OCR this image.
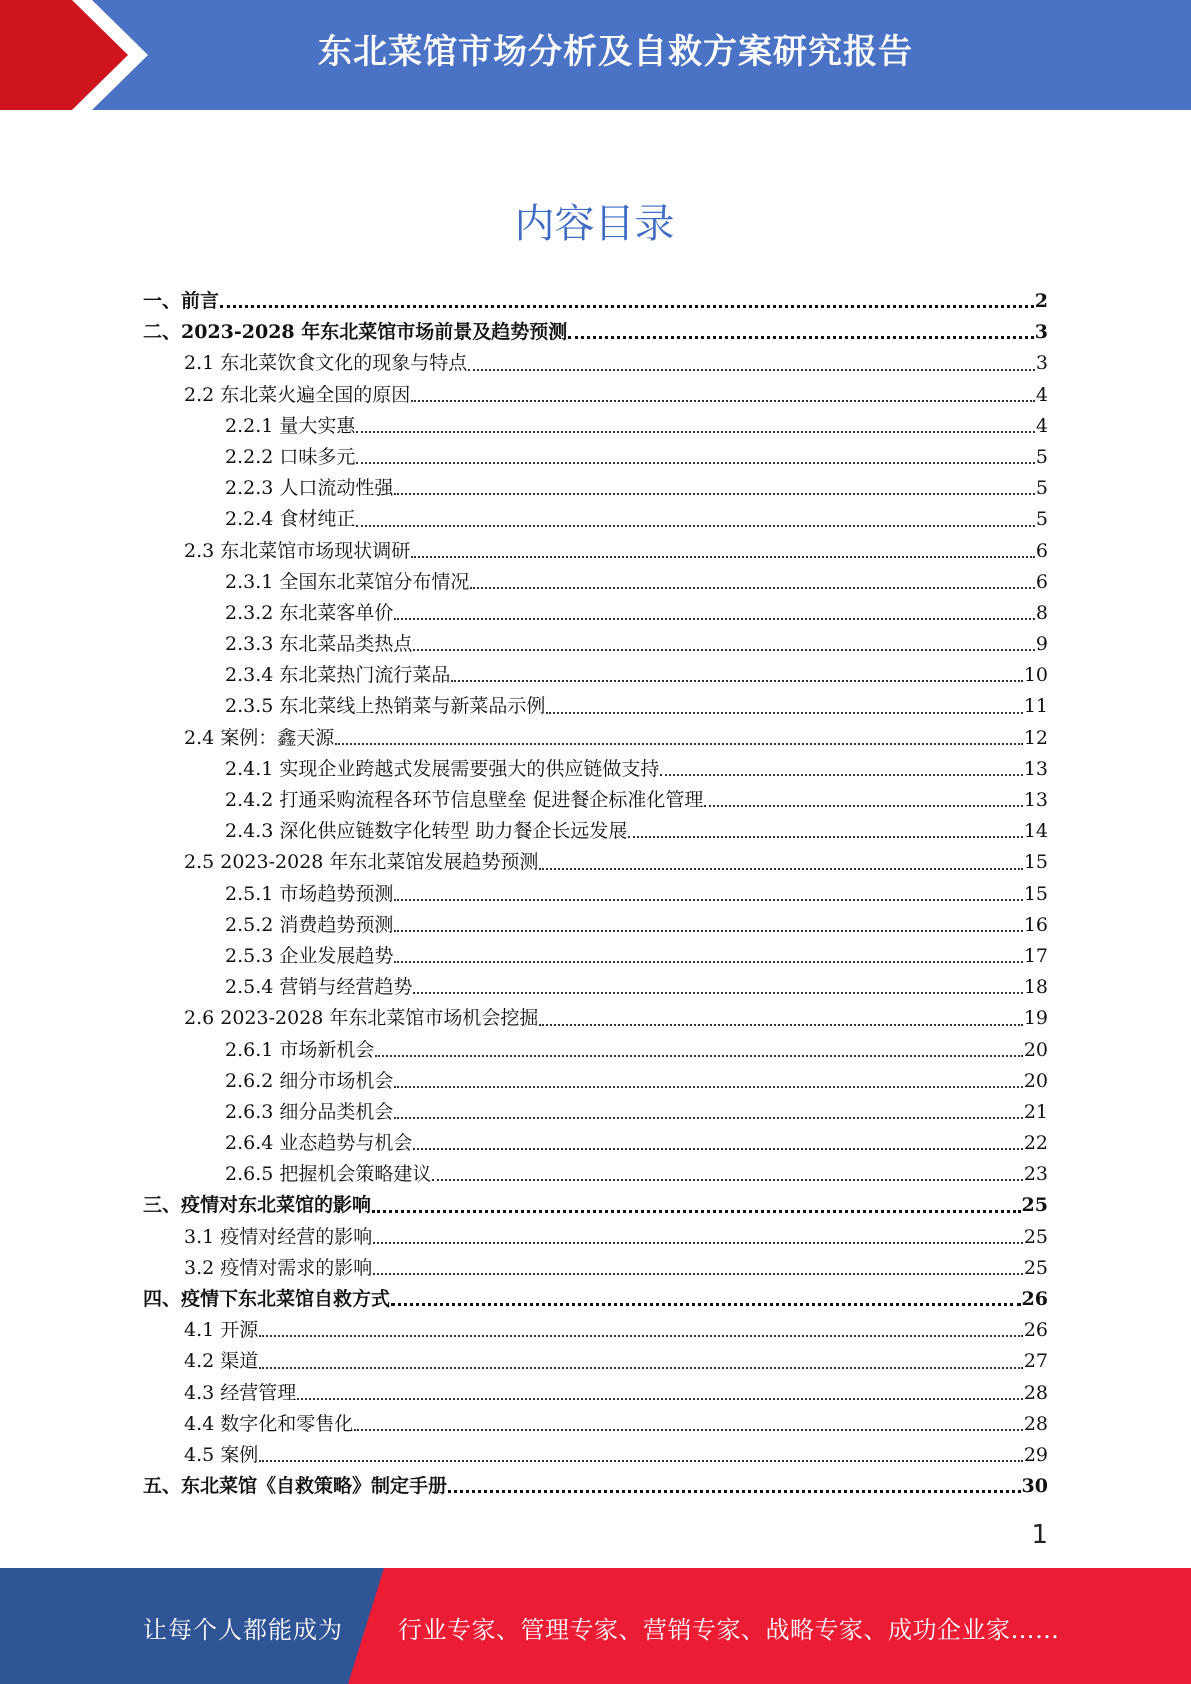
东北菜馆市场分析及自救方案研究报告
内容目录
一、前言	2
二、2023-2028 年东北菜馆市场前景及趋势预测	3
2.1 东北菜饮食文化的现象与特点	3
2.2 东北菜火遍全国的原因	4
2.2.1 量大实惠	4
2.2.2 口味多元	5
2.2.3 人口流动性强	5
2.2.4 食材纯正	5
2.3 东北菜馆市场现状调研	6
2.3.1 全国东北菜馆分布情况	6
2.3.2 东北菜客单价	8
2.3.3 东北菜品类热点	9
2.3.4 东北菜热门流行菜品	10
2.3.5 东北菜线上热销菜与新菜品示例	11
2.4 案例：鑫天源	12
2.4.1 实现企业跨越式发展需要强大的供应链做支持	13
2.4.2 打通采购流程各环节信息壁垒 促进餐企标准化管理	13
2.4.3 深化供应链数字化转型 助力餐企长远发展	14
2.5 2023-2028 年东北菜馆发展趋势预测	15
2.5.1 市场趋势预测	15
2.5.2 消费趋势预测	16
2.5.3 企业发展趋势	17
2.5.4 营销与经营趋势	18
2.6 2023-2028 年东北菜馆市场机会挖掘	19
2.6.1 市场新机会	20
2.6.2 细分市场机会	20
2.6.3 细分品类机会	21
2.6.4 业态趋势与机会	22
2.6.5 把握机会策略建议	23
三、疫情对东北菜馆的影响	25
3.1 疫情对经营的影响	25
3.2 疫情对需求的影响	25
四、疫情下东北菜馆自救方式	26
4.1 开源	26
4.2 渠道	27
4.3 经营管理	28
4.4 数字化和零售化	28
4.5 案例	29
五、东北菜馆《自救策略》制定手册	30
1
让每个人都能成为 行业专家、管理专家、营销专家、战略专家、成功企业家……
